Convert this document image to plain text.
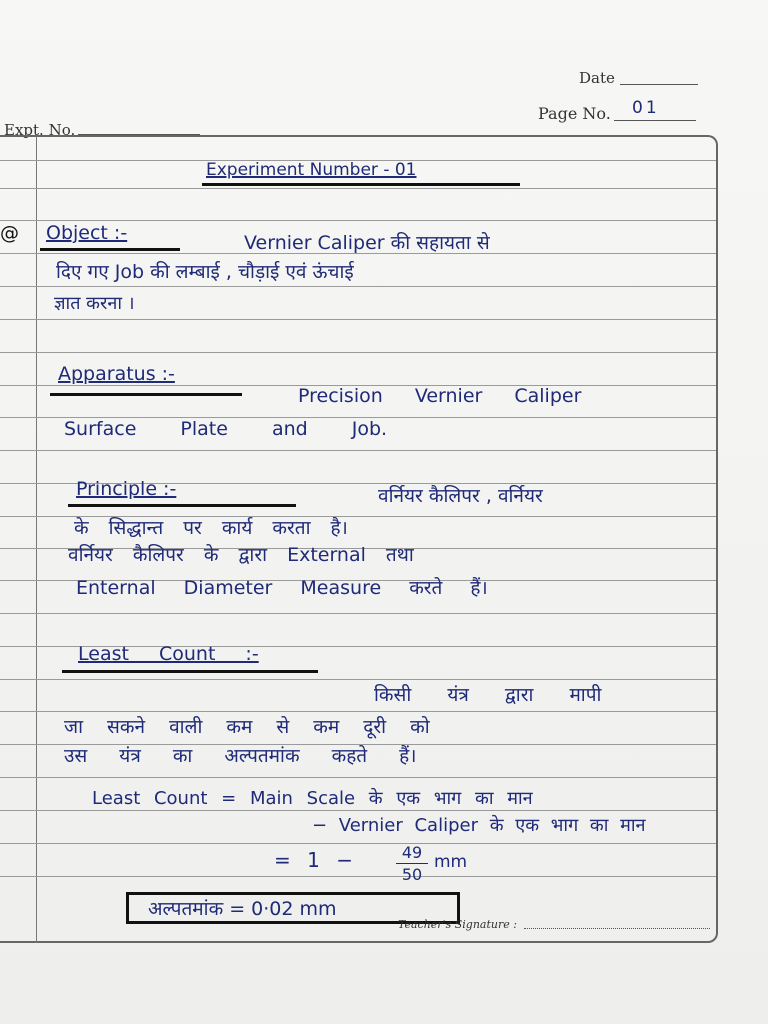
Date
Page No. 01
Expt. No.
Experiment Number - 01
@ Object :-	Vernier Caliper की सहायता से
दिए गए Job की लम्बाई , चौड़ाई एवं ऊंचाई
ज्ञात करना ।
Apparatus :-
Precision Vernier Caliper
Surface Plate and Job.
Principle :-	वर्नियर कैलिपर , वर्नियर
के सिद्धान्त पर कार्य करता है।
वर्नियर कैलिपर के द्वारा External तथा
Enternal Diameter Measure करते हैं।
Least Count :-
किसी यंत्र द्वारा मापी
जा सकने वाली कम से कम दूरी को
उस यंत्र का अल्पतमांक कहते हैं।
Least Count = Main Scale के एक भाग का मान
− Vernier Caliper के एक भाग का मान
= 1 −	49
50
mm
अल्पतमांक = 0·02 mm
Teacher's Signature :
